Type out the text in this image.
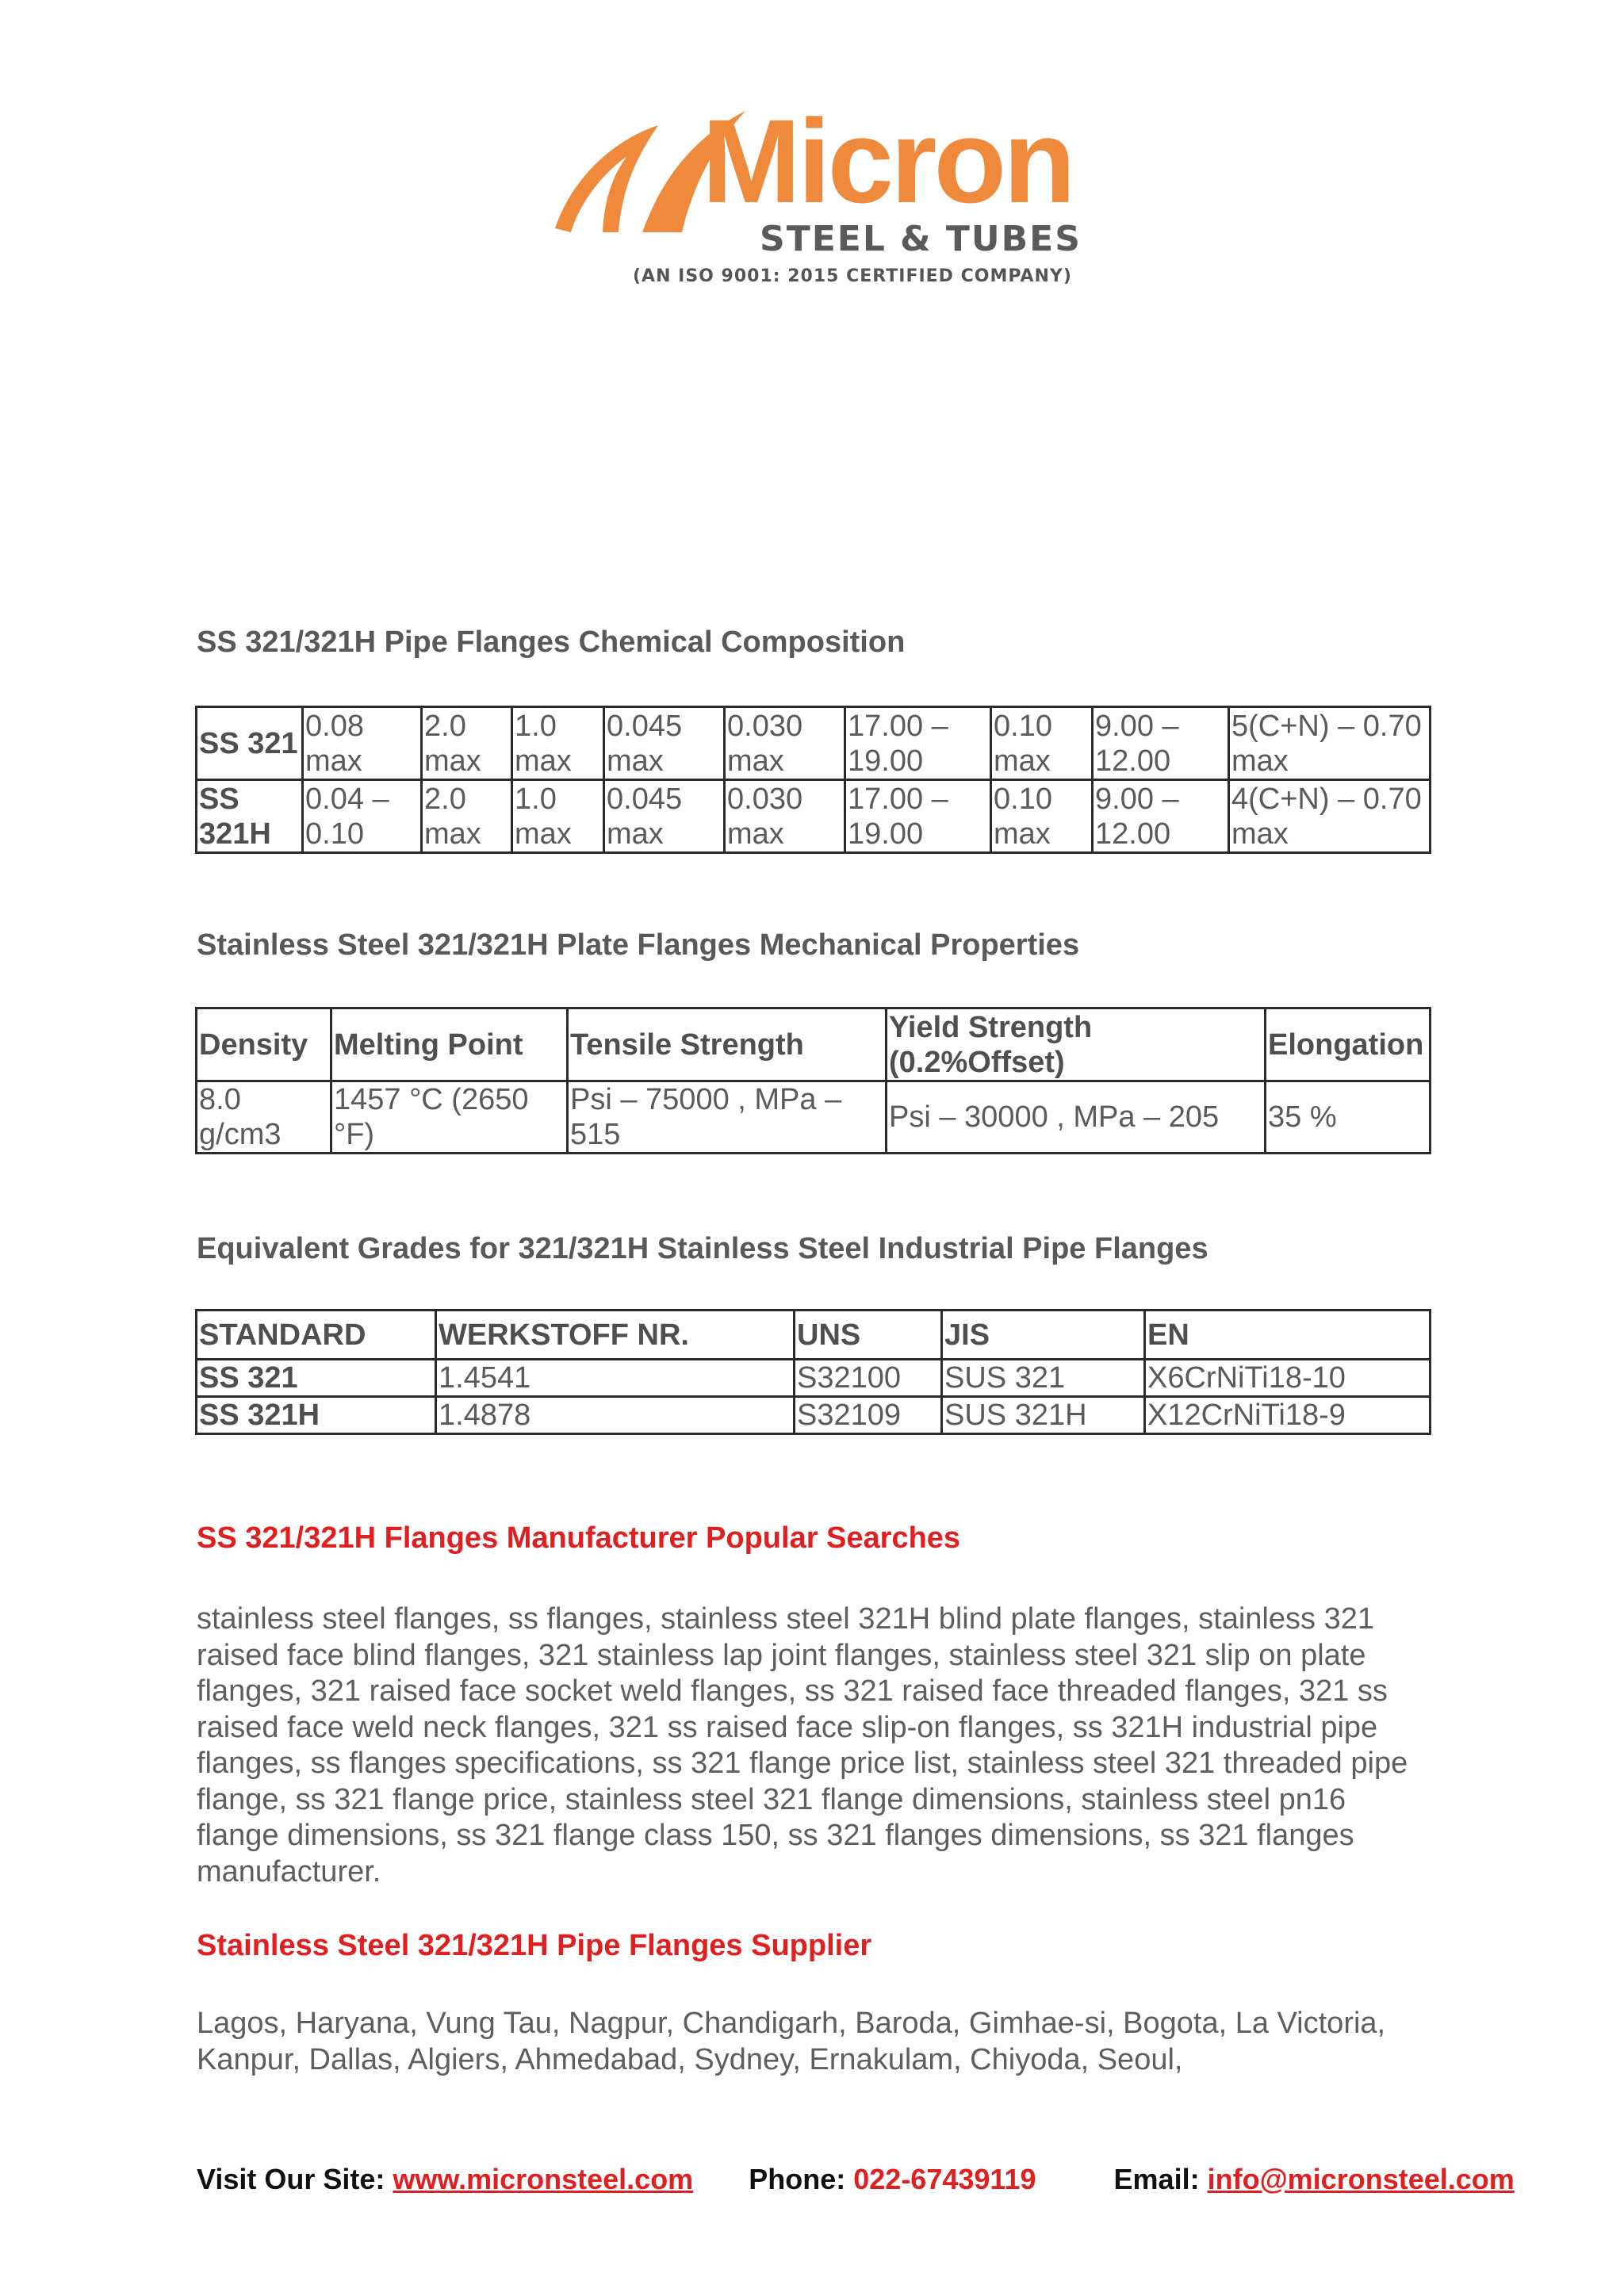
Micron
STEEL & TUBES
(AN ISO 9001: 2015 CERTIFIED COMPANY)
SS 321/321H Pipe Flanges Chemical Composition
SS 321	0.08 max	2.0 max	1.0 max	0.045 max	0.030 max	17.00 – 19.00	0.10 max	9.00 – 12.00	5(C+N) – 0.70 max
SS 321H	0.04 – 0.10	2.0 max	1.0 max	0.045 max	0.030 max	17.00 – 19.00	0.10 max	9.00 – 12.00	4(C+N) – 0.70 max
Stainless Steel 321/321H Plate Flanges Mechanical Properties
Density	Melting Point	Tensile Strength	Yield Strength (0.2%Offset)	Elongation
8.0 g/cm3	1457 °C (2650 °F)	Psi – 75000 , MPa – 515	Psi – 30000 , MPa – 205	35 %
Equivalent Grades for 321/321H Stainless Steel Industrial Pipe Flanges
STANDARD	WERKSTOFF NR.	UNS	JIS	EN
SS 321	1.4541	S32100	SUS 321	X6CrNiTi18-10
SS 321H	1.4878	S32109	SUS 321H	X12CrNiTi18-9
SS 321/321H Flanges Manufacturer Popular Searches
stainless steel flanges, ss flanges, stainless steel 321H blind plate flanges, stainless 321 raised face blind flanges, 321 stainless lap joint flanges, stainless steel 321 slip on plate flanges, 321 raised face socket weld flanges, ss 321 raised face threaded flanges, 321 ss raised face weld neck flanges, 321 ss raised face slip-on flanges, ss 321H industrial pipe flanges, ss flanges specifications, ss 321 flange price list, stainless steel 321 threaded pipe flange, ss 321 flange price, stainless steel 321 flange dimensions, stainless steel pn16 flange dimensions, ss 321 flange class 150, ss 321 flanges dimensions, ss 321 flanges manufacturer.
Stainless Steel 321/321H Pipe Flanges Supplier
Lagos, Haryana, Vung Tau, Nagpur, Chandigarh, Baroda, Gimhae-si, Bogota, La Victoria, Kanpur, Dallas, Algiers, Ahmedabad, Sydney, Ernakulam, Chiyoda, Seoul,
Visit Our Site: www.micronsteel.com Phone: 022-67439119	Email: info@micronsteel.com
